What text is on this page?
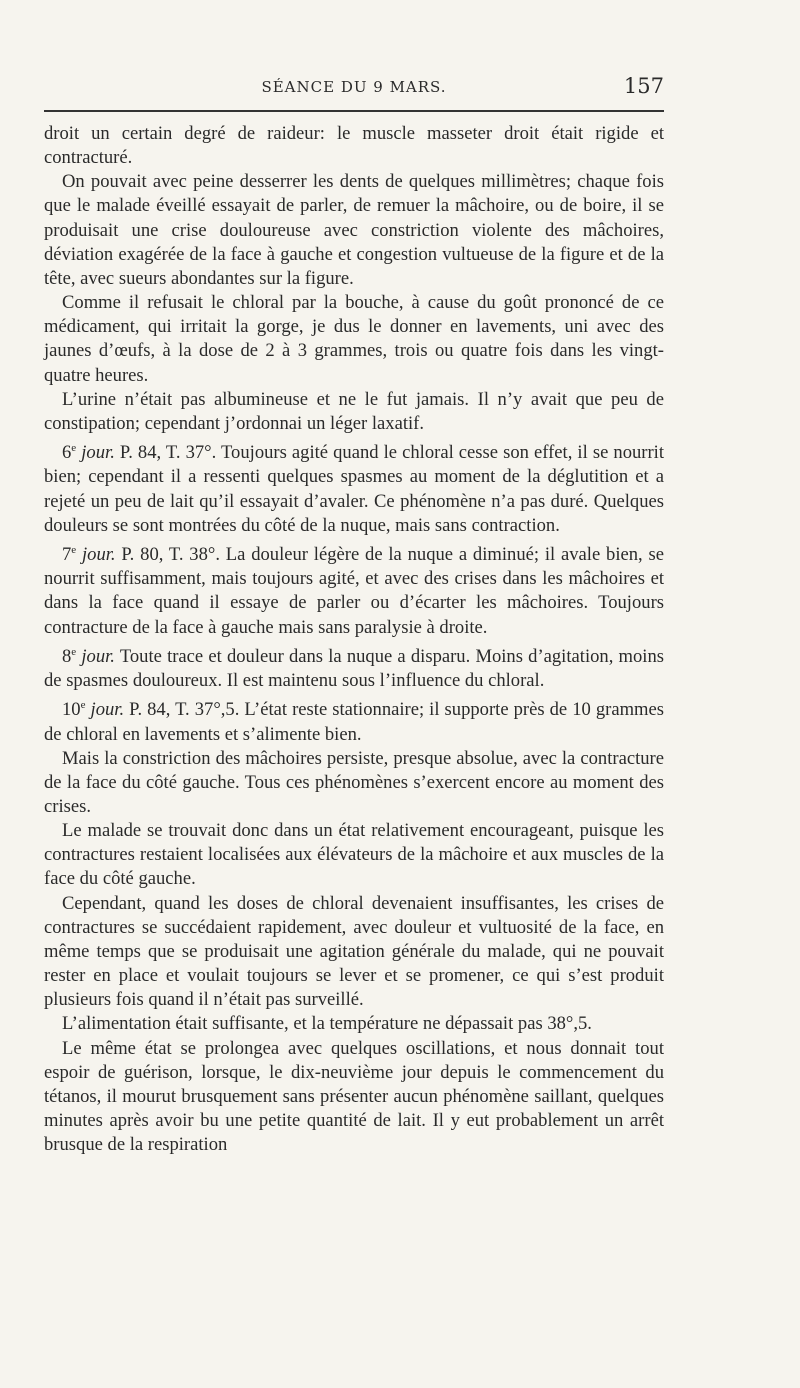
SÉANCE DU 9 MARS.	157

droit un certain degré de raideur: le muscle masseter droit était rigide et contracturé.

On pouvait avec peine desserrer les dents de quelques millimètres; chaque fois que le malade éveillé essayait de parler, de remuer la mâchoire, ou de boire, il se produisait une crise douloureuse avec constriction violente des mâchoires, déviation exagérée de la face à gauche et congestion vultueuse de la figure et de la tête, avec sueurs abondantes sur la figure.

Comme il refusait le chloral par la bouche, à cause du goût prononcé de ce médicament, qui irritait la gorge, je dus le donner en lavements, uni avec des jaunes d’œufs, à la dose de 2 à 3 grammes, trois ou quatre fois dans les vingt-quatre heures.

L’urine n’était pas albumineuse et ne le fut jamais. Il n’y avait que peu de constipation; cependant j’ordonnai un léger laxatif.

6e jour. P. 84, T. 37°. Toujours agité quand le chloral cesse son effet, il se nourrit bien; cependant il a ressenti quelques spasmes au moment de la déglutition et a rejeté un peu de lait qu’il essayait d’avaler. Ce phénomène n’a pas duré. Quelques douleurs se sont montrées du côté de la nuque, mais sans contraction.

7e jour. P. 80, T. 38°. La douleur légère de la nuque a diminué; il avale bien, se nourrit suffisamment, mais toujours agité, et avec des crises dans les mâchoires et dans la face quand il essaye de parler ou d’écarter les mâchoires. Toujours contracture de la face à gauche mais sans paralysie à droite.

8e jour. Toute trace et douleur dans la nuque a disparu. Moins d’agitation, moins de spasmes douloureux. Il est maintenu sous l’influence du chloral.

10e jour. P. 84, T. 37°,5. L’état reste stationnaire; il supporte près de 10 grammes de chloral en lavements et s’alimente bien.

Mais la constriction des mâchoires persiste, presque absolue, avec la contracture de la face du côté gauche. Tous ces phénomènes s’exercent encore au moment des crises.

Le malade se trouvait donc dans un état relativement encourageant, puisque les contractures restaient localisées aux élévateurs de la mâchoire et aux muscles de la face du côté gauche.

Cependant, quand les doses de chloral devenaient insuffisantes, les crises de contractures se succédaient rapidement, avec douleur et vultuosité de la face, en même temps que se produisait une agitation générale du malade, qui ne pouvait rester en place et voulait toujours se lever et se promener, ce qui s’est produit plusieurs fois quand il n’était pas surveillé.

L’alimentation était suffisante, et la température ne dépassait pas 38°,5.

Le même état se prolongea avec quelques oscillations, et nous donnait tout espoir de guérison, lorsque, le dix-neuvième jour depuis le commencement du tétanos, il mourut brusquement sans présenter aucun phénomène saillant, quelques minutes après avoir bu une petite quantité de lait. Il y eut probablement un arrêt brusque de la respiration
